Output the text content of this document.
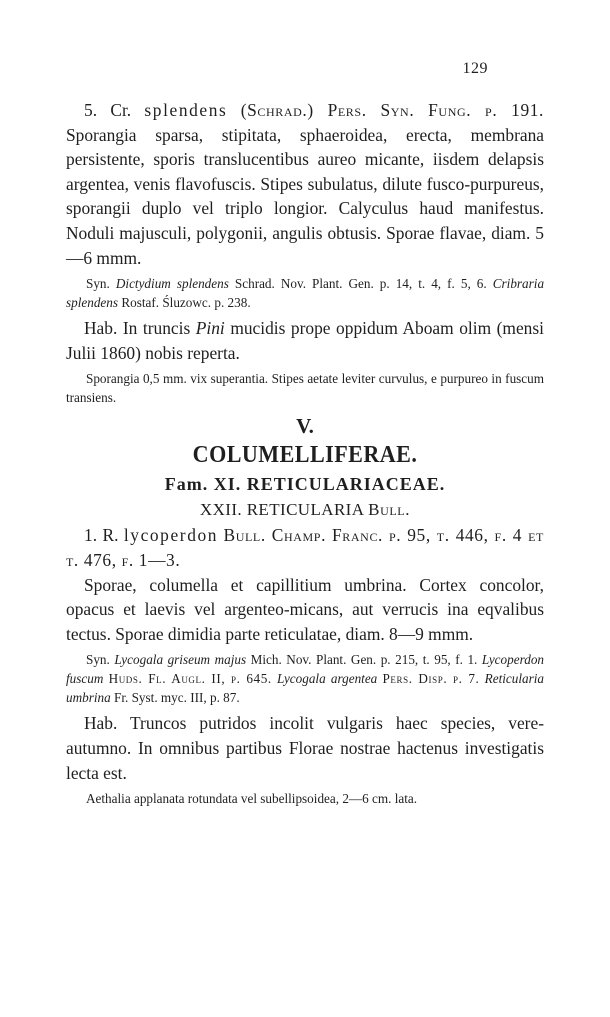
129

5. Cr. splendens (Schrad.) Pers. Syn. Fung. p. 191. Sporangia sparsa, stipitata, sphaeroidea, erecta, membrana persistente, sporis translucentibus aureo micante, iisdem delapsis argentea, venis flavofuscis. Stipes subulatus, dilute fusco-purpureus, sporangii duplo vel triplo longior. Calyculus haud manifestus. Noduli majusculi, polygonii, angulis obtusis. Sporae flavae, diam. 5—6 mmm.

Syn. Dictydium splendens Schrad. Nov. Plant. Gen. p. 14, t. 4, f. 5, 6. Cribraria splendens Rostaf. Śluzowc. p. 238.

Hab. In truncis Pini mucidis prope oppidum Aboam olim (mensi Julii 1860) nobis reperta.

Sporangia 0,5 mm. vix superantia. Stipes aetate leviter curvulus, e purpureo in fuscum transiens.

V.

COLUMELLIFERAE.

Fam. XI. RETICULARIACEAE.

XXII. RETICULARIA Bull.

1. R. lycoperdon Bull. Champ. Franc. p. 95, t. 446, f. 4 et t. 476, f. 1—3.

Sporae, columella et capillitium umbrina. Cortex concolor, opacus et laevis vel argenteo-micans, aut verrucis ina eqvalibus tectus. Sporae dimidia parte reticulatae, diam. 8—9 mmm.

Syn. Lycogala griseum majus Mich. Nov. Plant. Gen. p. 215, t. 95, f. 1. Lycoperdon fuscum Huds. Fl. Augl. II, p. 645. Lycogala argentea Pers. Disp. p. 7. Reticularia umbrina Fr. Syst. myc. III, p. 87.

Hab. Truncos putridos incolit vulgaris haec species, vere-autumno. In omnibus partibus Florae nostrae hactenus investigatis lecta est.

Aethalia applanata rotundata vel subellipsoidea, 2—6 cm. lata.
